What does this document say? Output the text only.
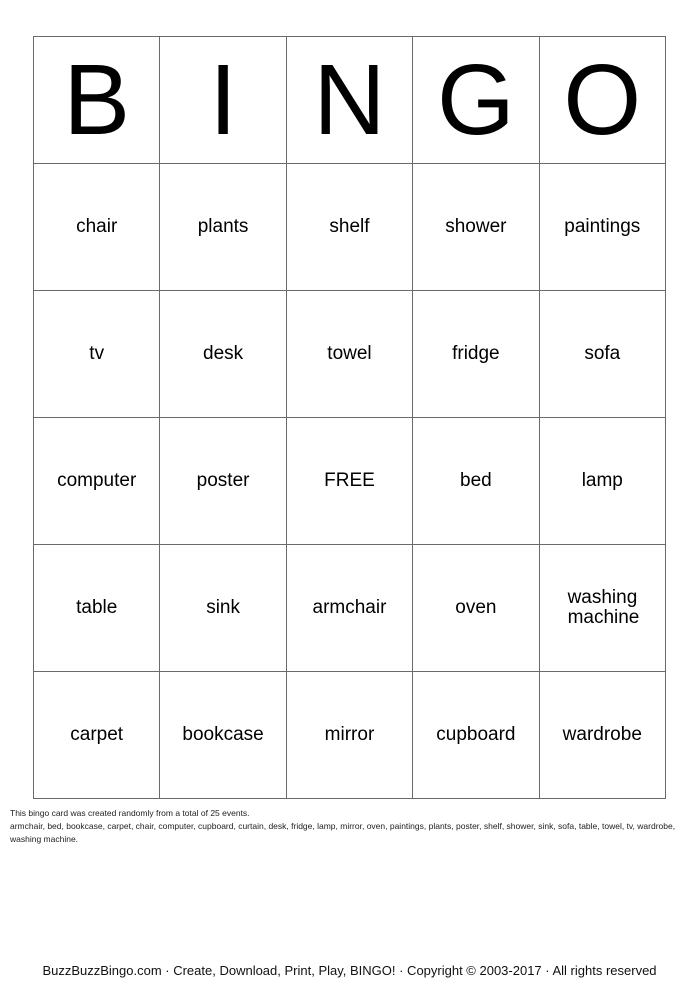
B	I	N	G	O
chair	plants	shelf	shower	paintings
tv	desk	towel	fridge	sofa
computer	poster	FREE	bed	lamp
table	sink	armchair	oven	washing machine
carpet	bookcase	mirror	cupboard	wardrobe
This bingo card was created randomly from a total of 25 events.
armchair, bed, bookcase, carpet, chair, computer, cupboard, curtain, desk, fridge, lamp, mirror, oven, paintings, plants, poster, shelf, shower, sink, sofa, table, towel, tv, wardrobe, washing machine.
BuzzBuzzBingo.com · Create, Download, Print, Play, BINGO! · Copyright © 2003-2017 · All rights reserved
